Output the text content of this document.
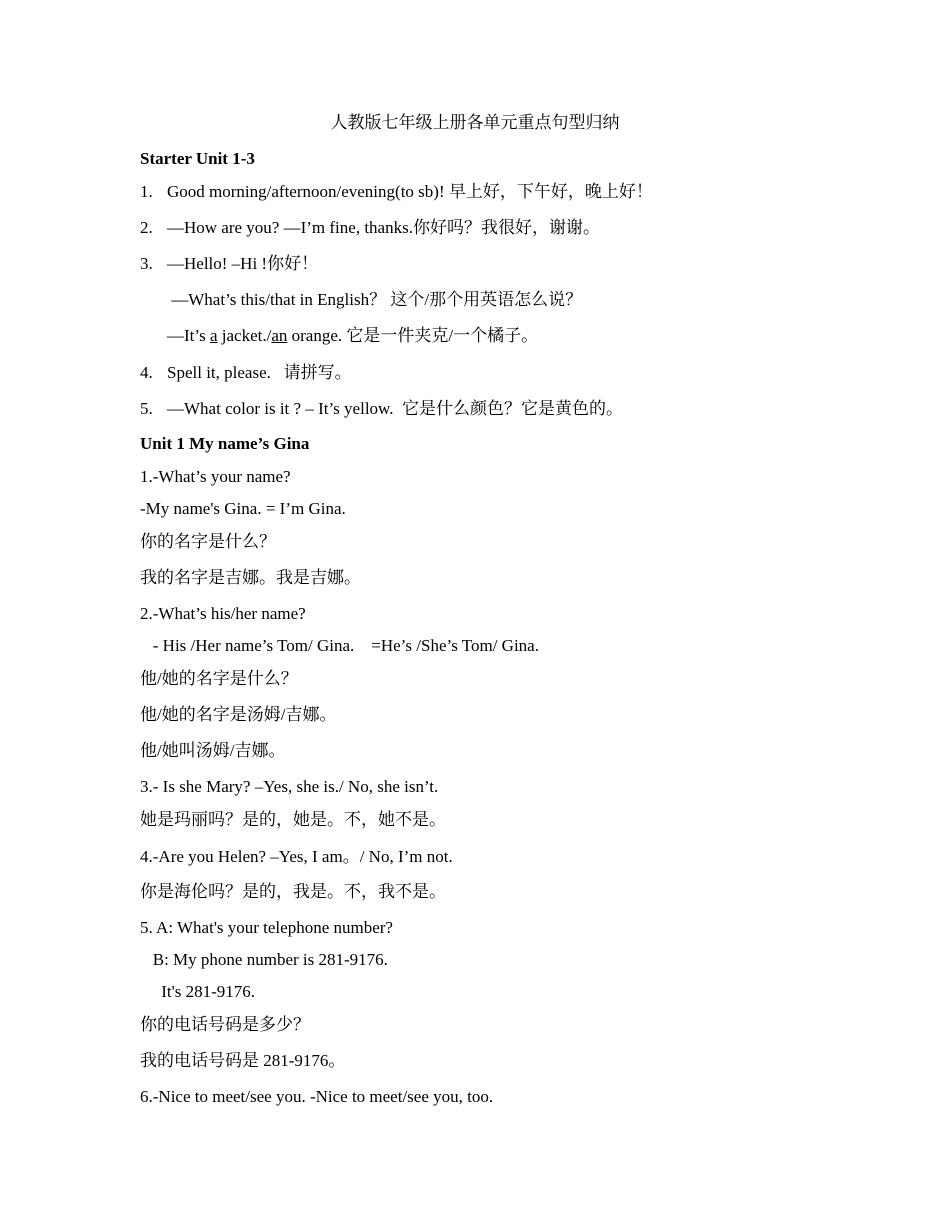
人教版七年级上册各单元重点句型归纳
Starter Unit 1-3
1. Good morning/afternoon/evening(to sb)! 早上好，下午好，晚上好！
2. —How are you? —I’m fine, thanks.你好吗？我很好，谢谢。
3. —Hello! –Hi !你好！
—What’s this/that in English？ 这个/那个用英语怎么说？
—It’s a jacket./an orange. 它是一件夹克/一个橘子。
4. Spell it, please.   请拼写。
5. —What color is it ? – It’s yellow.  它是什么颜色？它是黄色的。
Unit 1 My name’s Gina
1.-What’s your name?
-My name's Gina. = I’m Gina.
你的名字是什么？
我的名字是吉娜。我是吉娜。
2.-What’s his/her name?
- His /Her name’s Tom/ Gina.    =He’s /She’s Tom/ Gina.
他/她的名字是什么？
他/她的名字是汤姆/吉娜。
他/她叫汤姆/吉娜。
3.- Is she Mary? –Yes, she is./ No, she isn’t.
她是玛丽吗？是的，她是。不，她不是。
4.-Are you Helen? –Yes, I am。/ No, I’m not.
你是海伦吗？是的，我是。不，我不是。
5. A: What's your telephone number?
B: My phone number is 281-9176.
It's 281-9176.
你的电话号码是多少？
我的电话号码是 281-9176。
6.-Nice to meet/see you. -Nice to meet/see you, too.
